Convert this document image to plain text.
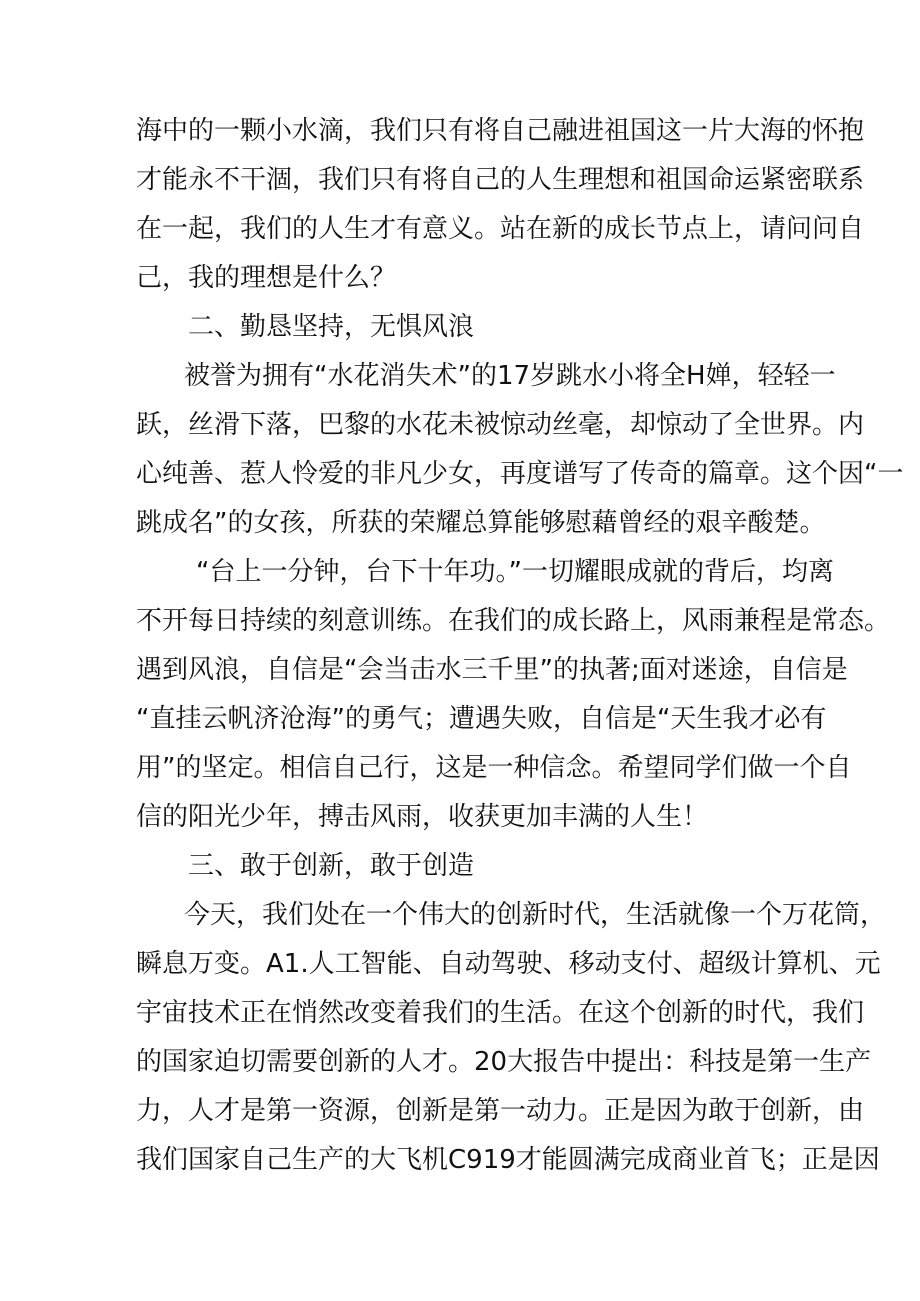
海中的一颗小水滴，我们只有将自己融进祖国这一片大海的怀抱
才能永不干涸，我们只有将自己的人生理想和祖国命运紧密联系
在一起，我们的人生才有意义。站在新的成长节点上，请问问自
己，我的理想是什么？
二、勤恳坚持，无惧风浪
被誉为拥有“水花消失术”的17岁跳水小将全H婵，轻轻一
跃，丝滑下落，巴黎的水花未被惊动丝毫，却惊动了全世界。内
心纯善、惹人怜爱的非凡少女，再度谱写了传奇的篇章。这个因“一
跳成名”的女孩，所获的荣耀总算能够慰藉曾经的艰辛酸楚。
“台上一分钟，台下十年功。”一切耀眼成就的背后，均离
不开每日持续的刻意训练。在我们的成长路上，风雨兼程是常态。
遇到风浪，自信是“会当击水三千里”的执著;面对迷途，自信是
“直挂云帆济沧海”的勇气；遭遇失败，自信是“天生我才必有
用”的坚定。相信自己行，这是一种信念。希望同学们做一个自
信的阳光少年，搏击风雨，收获更加丰满的人生！
三、敢于创新，敢于创造
今天，我们处在一个伟大的创新时代，生活就像一个万花筒，
瞬息万变。A1.人工智能、自动驾驶、移动支付、超级计算机、元
宇宙技术正在悄然改变着我们的生活。在这个创新的时代，我们
的国家迫切需要创新的人才。20大报告中提出：科技是第一生产
力，人才是第一资源，创新是第一动力。正是因为敢于创新，由
我们国家自己生产的大飞机C919才能圆满完成商业首飞；正是因
